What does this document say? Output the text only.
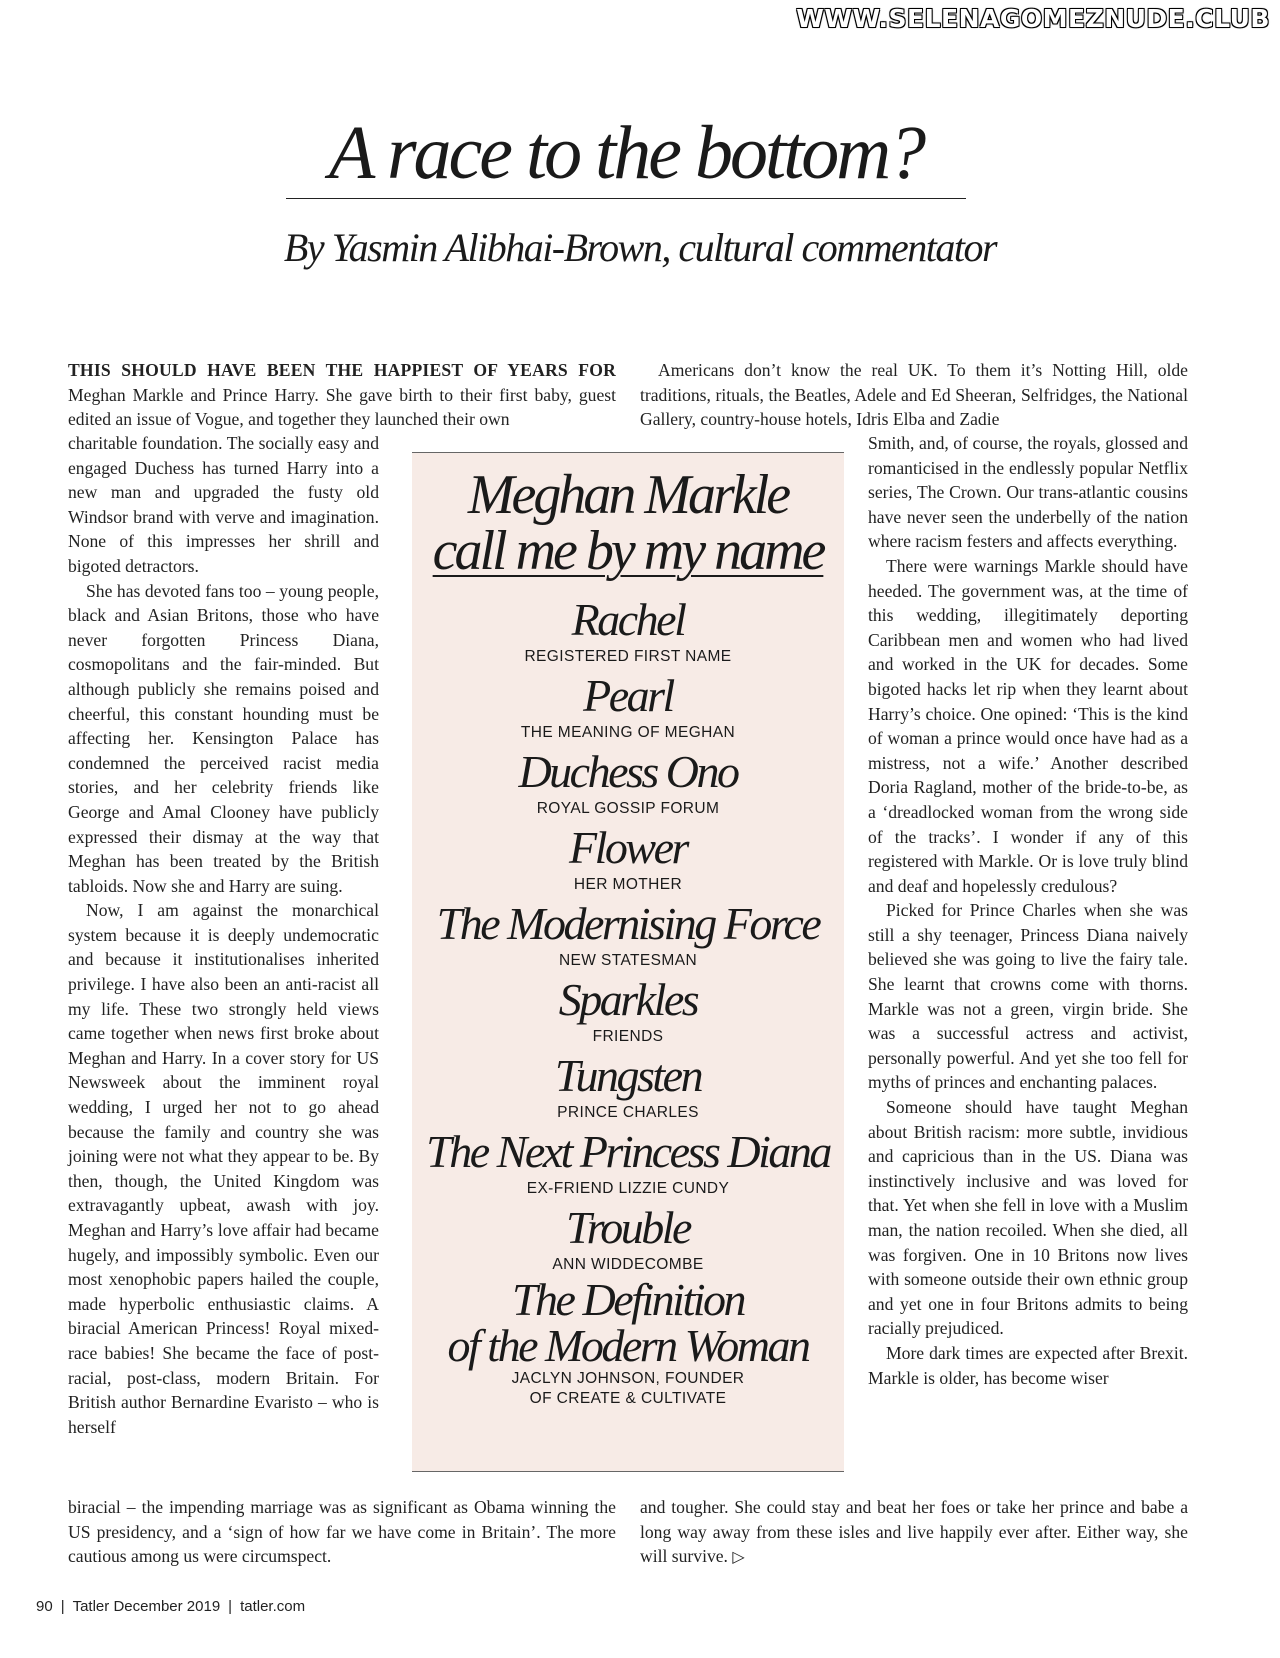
WWW.SELENAGOMEZNUDE.CLUB
A race to the bottom?
By Yasmin Alibhai-Brown, cultural commentator

THIS SHOULD HAVE BEEN THE HAPPIEST OF YEARS FOR Meghan Markle and Prince Harry. She gave birth to their first baby, guest edited an issue of Vogue, and together they launched their own

charitable foundation. The socially easy and engaged Duchess has turned Harry into a new man and upgraded the fusty old Windsor brand with verve and imagination. None of this impresses her shrill and bigoted detractors.

She has devoted fans too – young people, black and Asian Britons, those who have never forgotten Princess Diana, cosmopolitans and the fair-minded. But although publicly she remains poised and cheerful, this constant hounding must be affecting her. Kensington Palace has condemned the perceived racist media stories, and her celebrity friends like George and Amal Clooney have publicly expressed their dismay at the way that Meghan has been treated by the British tabloids. Now she and Harry are suing.

Now, I am against the monarchical system because it is deeply undemocratic and because it institutionalises inherited privilege. I have also been an anti-racist all my life. These two strongly held views came together when news first broke about Meghan and Harry. In a cover story for US Newsweek about the imminent royal wedding, I urged her not to go ahead because the family and country she was joining were not what they appear to be. By then, though, the United Kingdom was extravagantly upbeat, awash with joy. Meghan and Harry’s love affair had became hugely, and impossibly symbolic. Even our most xenophobic papers hailed the couple, made hyperbolic enthusiastic claims. A biracial American Princess! Royal mixed-race babies! She became the face of post-racial, post-class, modern Britain. For British author Bernardine Evaristo – who is herself

biracial – the impending marriage was as significant as Obama winning the US presidency, and a ‘sign of how far we have come in Britain’. The more cautious among us were circumspect.

Americans don’t know the real UK. To them it’s Notting Hill, olde traditions, rituals, the Beatles, Adele and Ed Sheeran, Selfridges, the National Gallery, country-house hotels, Idris Elba and Zadie

Smith, and, of course, the royals, glossed and romanticised in the endlessly popular Netflix series, The Crown. Our trans-atlantic cousins have never seen the underbelly of the nation where racism festers and affects everything.

There were warnings Markle should have heeded. The government was, at the time of this wedding, illegitimately deporting Caribbean men and women who had lived and worked in the UK for decades. Some bigoted hacks let rip when they learnt about Harry’s choice. One opined: ‘This is the kind of woman a prince would once have had as a mistress, not a wife.’ Another described Doria Ragland, mother of the bride-to-be, as a ‘dreadlocked woman from the wrong side of the tracks’. I wonder if any of this registered with Markle. Or is love truly blind and deaf and hopelessly credulous?

Picked for Prince Charles when she was still a shy teenager, Princess Diana naively believed she was going to live the fairy tale. She learnt that crowns come with thorns. Markle was not a green, virgin bride. She was a successful actress and activist, personally powerful. And yet she too fell for myths of princes and enchanting palaces.

Someone should have taught Meghan about British racism: more subtle, invidious and capricious than in the US. Diana was instinctively inclusive and was loved for that. Yet when she fell in love with a Muslim man, the nation recoiled. When she died, all was forgiven. One in 10 Britons now lives with someone outside their own ethnic group and yet one in four Britons admits to being racially prejudiced.

More dark times are expected after Brexit. Markle is older, has become wiser

and tougher. She could stay and beat her foes or take her prince and babe a long way away from these isles and live happily ever after. Either way, she will survive. ▷

Meghan Markle
call me by my name
Rachel
REGISTERED FIRST NAME
Pearl
THE MEANING OF MEGHAN
Duchess Ono
ROYAL GOSSIP FORUM
Flower
HER MOTHER
The Modernising Force
NEW STATESMAN
Sparkles
FRIENDS
Tungsten
PRINCE CHARLES
The Next Princess Diana
EX-FRIEND LIZZIE CUNDY
Trouble
ANN WIDDECOMBE
The Definition
of the Modern Woman
JACLYN JOHNSON, FOUNDER
OF CREATE & CULTIVATE
90 | Tatler December 2019 | tatler.com
